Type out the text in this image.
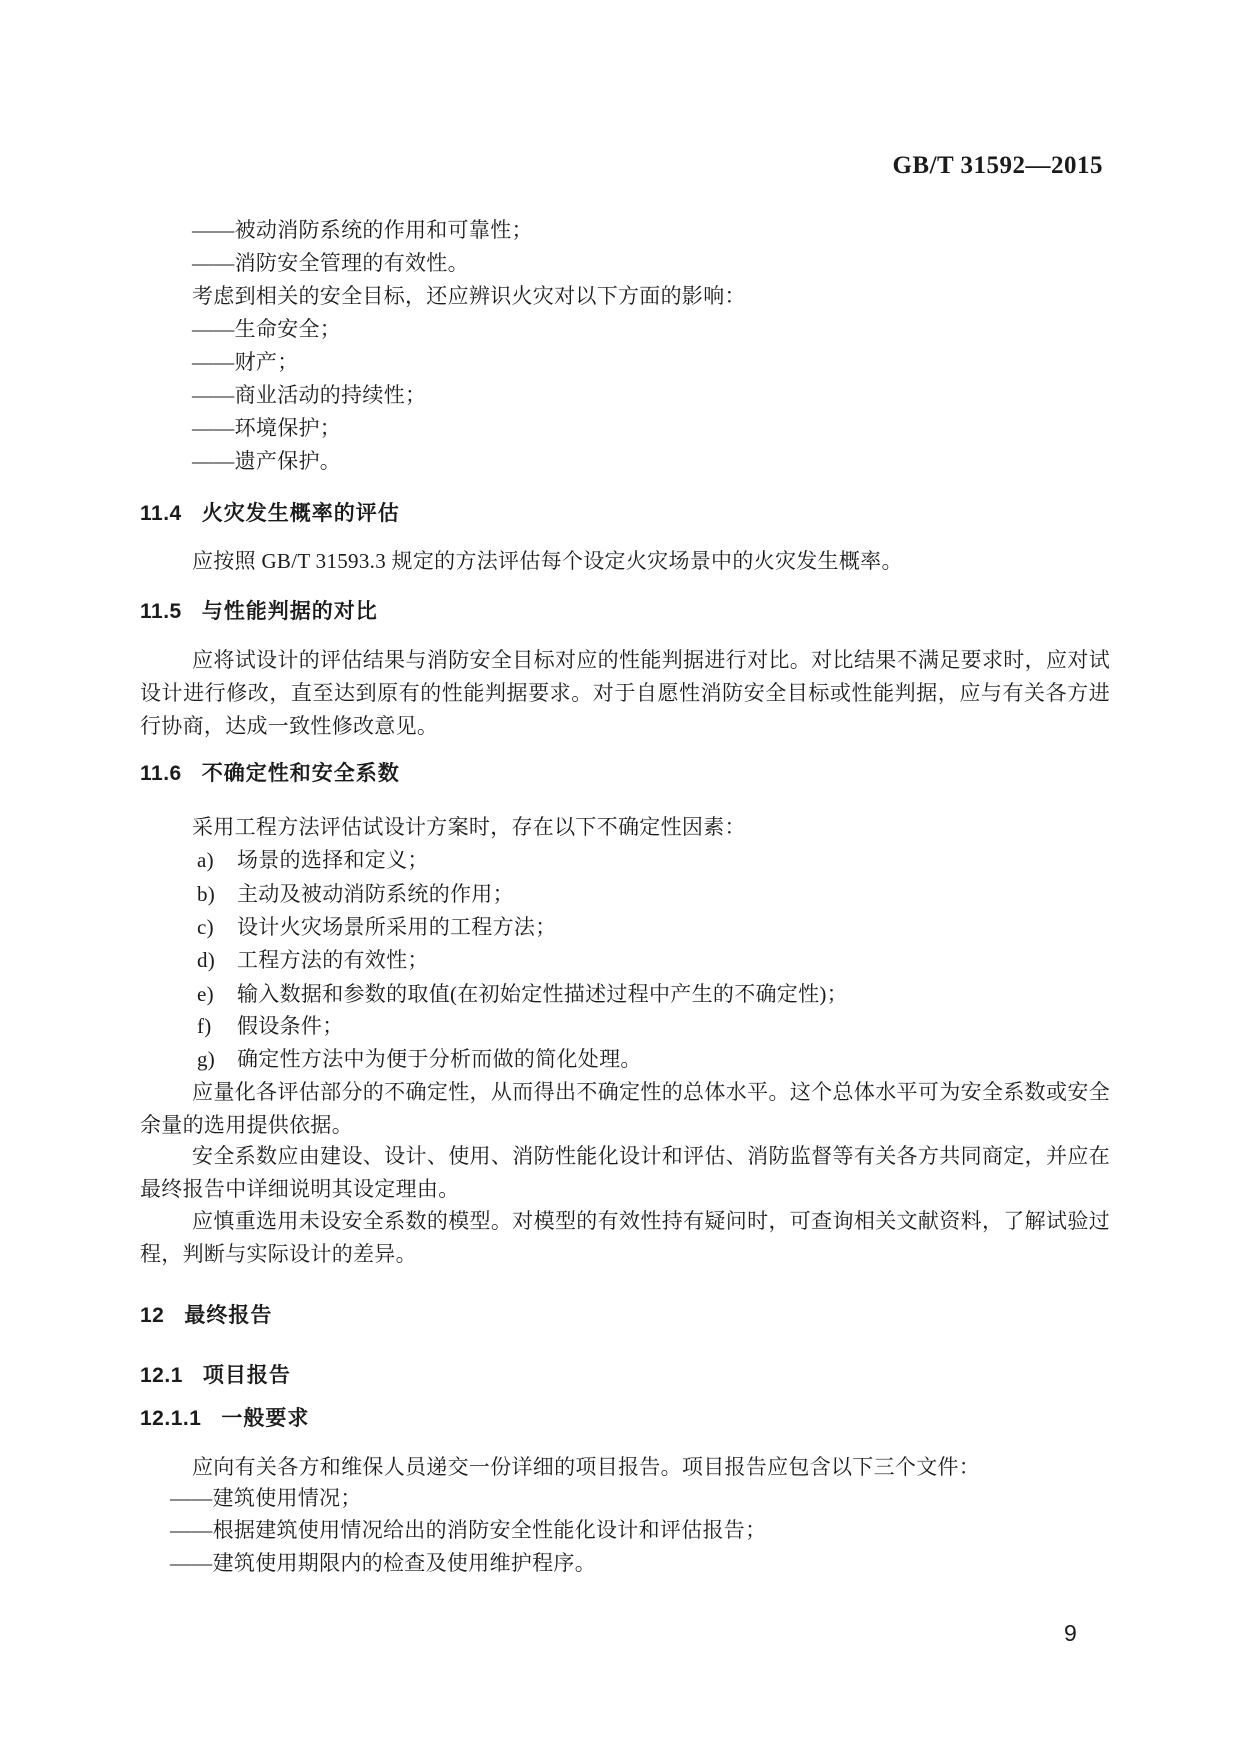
GB/T 31592—2015
——被动消防系统的作用和可靠性；
——消防安全管理的有效性。
考虑到相关的安全目标，还应辨识火灾对以下方面的影响：
——生命安全；
——财产；
——商业活动的持续性；
——环境保护；
——遗产保护。
11.4 火灾发生概率的评估
应按照 GB/T 31593.3 规定的方法评估每个设定火灾场景中的火灾发生概率。
11.5 与性能判据的对比
应将试设计的评估结果与消防安全目标对应的性能判据进行对比。对比结果不满足要求时，应对试设计进行修改，直至达到原有的性能判据要求。对于自愿性消防安全目标或性能判据，应与有关各方进行协商，达成一致性修改意见。
11.6 不确定性和安全系数
采用工程方法评估试设计方案时，存在以下不确定性因素：
a) 场景的选择和定义；
b) 主动及被动消防系统的作用；
c) 设计火灾场景所采用的工程方法；
d) 工程方法的有效性；
e) 输入数据和参数的取值(在初始定性描述过程中产生的不确定性)；
f) 假设条件；
g) 确定性方法中为便于分析而做的简化处理。
应量化各评估部分的不确定性，从而得出不确定性的总体水平。这个总体水平可为安全系数或安全余量的选用提供依据。
安全系数应由建设、设计、使用、消防性能化设计和评估、消防监督等有关各方共同商定，并应在最终报告中详细说明其设定理由。
应慎重选用未设安全系数的模型。对模型的有效性持有疑问时，可查询相关文献资料，了解试验过程，判断与实际设计的差异。
12 最终报告
12.1 项目报告
12.1.1 一般要求
应向有关各方和维保人员递交一份详细的项目报告。项目报告应包含以下三个文件：
——建筑使用情况；
——根据建筑使用情况给出的消防安全性能化设计和评估报告；
——建筑使用期限内的检查及使用维护程序。
9
